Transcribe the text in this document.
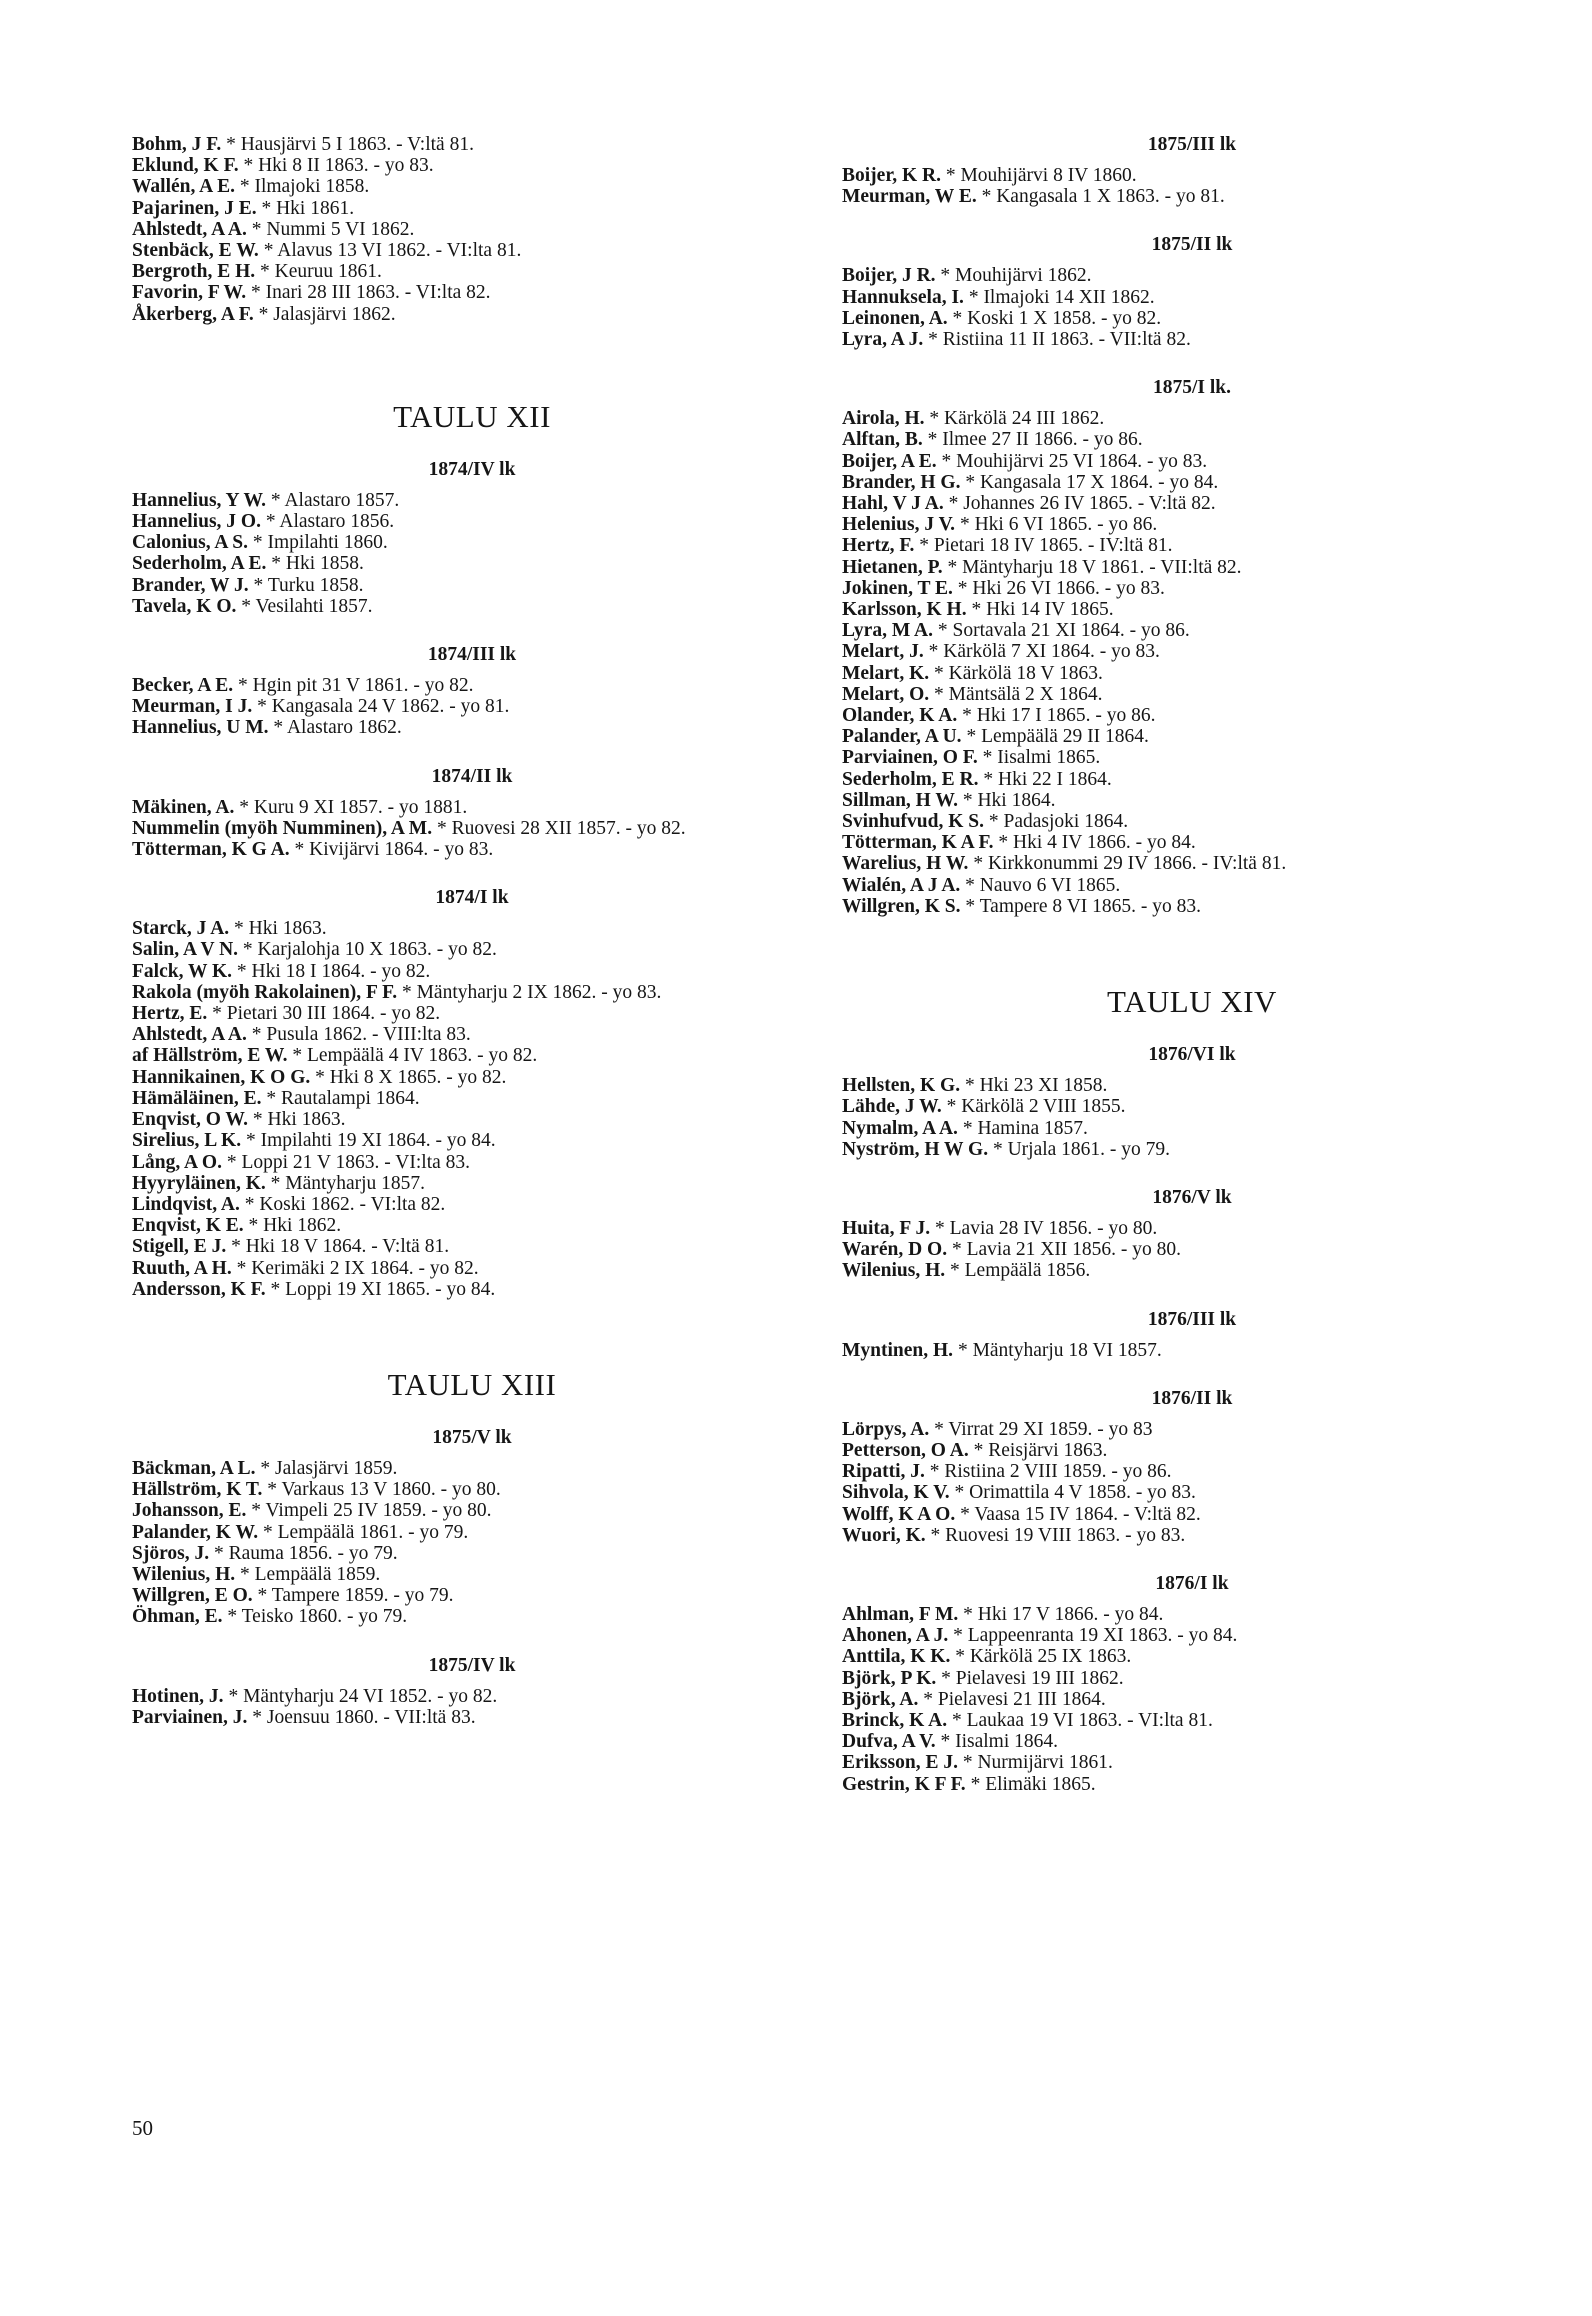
Bohm, J F. * Hausjärvi 5 I 1863. - V:ltä 81.

Eklund, K F. * Hki 8 II 1863. - yo 83.

Wallén, A E. * Ilmajoki 1858.

Pajarinen, J E. * Hki 1861.

Ahlstedt, A A. * Nummi 5 VI 1862.

Stenbäck, E W. * Alavus 13 VI 1862. - VI:lta 81.

Bergroth, E H. * Keuruu 1861.

Favorin, F W. * Inari 28 III 1863. - VI:lta 82.

Åkerberg, A F. * Jalasjärvi 1862.

TAULU XII
1874/IV lk

Hannelius, Y W. * Alastaro 1857.

Hannelius, J O. * Alastaro 1856.

Calonius, A S. * Impilahti 1860.

Sederholm, A E. * Hki 1858.

Brander, W J. * Turku 1858.

Tavela, K O. * Vesilahti 1857.

1874/III lk

Becker, A E. * Hgin pit 31 V 1861. - yo 82.

Meurman, I J. * Kangasala 24 V 1862. - yo 81.

Hannelius, U M. * Alastaro 1862.

1874/II lk

Mäkinen, A. * Kuru 9 XI 1857. - yo 1881.

Nummelin (myöh Numminen), A M. * Ruovesi 28 XII 1857. - yo 82.

Tötterman, K G A. * Kivijärvi 1864. - yo 83.

1874/I lk

Starck, J A. * Hki 1863.

Salin, A V N. * Karjalohja 10 X 1863. - yo 82.

Falck, W K. * Hki 18 I 1864. - yo 82.

Rakola (myöh Rakolainen), F F. * Mäntyharju 2 IX 1862. - yo 83.

Hertz, E. * Pietari 30 III 1864. - yo 82.

Ahlstedt, A A. * Pusula 1862. - VIII:lta 83.

af Hällström, E W. * Lempäälä 4 IV 1863. - yo 82.

Hannikainen, K O G. * Hki 8 X 1865. - yo 82.

Hämäläinen, E. * Rautalampi 1864.

Enqvist, O W. * Hki 1863.

Sirelius, L K. * Impilahti 19 XI 1864. - yo 84.

Lång, A O. * Loppi 21 V 1863. - VI:lta 83.

Hyyryläinen, K. * Mäntyharju 1857.

Lindqvist, A. * Koski 1862. - VI:lta 82.

Enqvist, K E. * Hki 1862.

Stigell, E J. * Hki 18 V 1864. - V:ltä 81.

Ruuth, A H. * Kerimäki 2 IX 1864. - yo 82.

Andersson, K F. * Loppi 19 XI 1865. - yo 84.

TAULU XIII
1875/V lk

Bäckman, A L. * Jalasjärvi 1859.

Hällström, K T. * Varkaus 13 V 1860. - yo 80.

Johansson, E. * Vimpeli 25 IV 1859. - yo 80.

Palander, K W. * Lempäälä 1861. - yo 79.

Sjöros, J. * Rauma 1856. - yo 79.

Wilenius, H. * Lempäälä 1859.

Willgren, E O. * Tampere 1859. - yo 79.

Öhman, E. * Teisko 1860. - yo 79.

1875/IV lk

Hotinen, J. * Mäntyharju 24 VI 1852. - yo 82.

Parviainen, J. * Joensuu 1860. - VII:ltä 83.

1875/III lk

Boijer, K R. * Mouhijärvi 8 IV 1860.

Meurman, W E. * Kangasala 1 X 1863. - yo 81.

1875/II lk

Boijer, J R. * Mouhijärvi 1862.

Hannuksela, I. * Ilmajoki 14 XII 1862.

Leinonen, A. * Koski 1 X 1858. - yo 82.

Lyra, A J. * Ristiina 11 II 1863. - VII:ltä 82.

1875/I lk.

Airola, H. * Kärkölä 24 III 1862.

Alftan, B. * Ilmee 27 II 1866. - yo 86.

Boijer, A E. * Mouhijärvi 25 VI 1864. - yo 83.

Brander, H G. * Kangasala 17 X 1864. - yo 84.

Hahl, V J A. * Johannes 26 IV 1865. - V:ltä 82.

Helenius, J V. * Hki 6 VI 1865. - yo 86.

Hertz, F. * Pietari 18 IV 1865. - IV:ltä 81.

Hietanen, P. * Mäntyharju 18 V 1861. - VII:ltä 82.

Jokinen, T E. * Hki 26 VI 1866. - yo 83.

Karlsson, K H. * Hki 14 IV 1865.

Lyra, M A. * Sortavala 21 XI 1864. - yo 86.

Melart, J. * Kärkölä 7 XI 1864. - yo 83.

Melart, K. * Kärkölä 18 V 1863.

Melart, O. * Mäntsälä 2 X 1864.

Olander, K A. * Hki 17 I 1865. - yo 86.

Palander, A U. * Lempäälä 29 II 1864.

Parviainen, O F. * Iisalmi 1865.

Sederholm, E R. * Hki 22 I 1864.

Sillman, H W. * Hki 1864.

Svinhufvud, K S. * Padasjoki 1864.

Tötterman, K A F. * Hki 4 IV 1866. - yo 84.

Warelius, H W. * Kirkkonummi 29 IV 1866. - IV:ltä 81.

Wialén, A J A. * Nauvo 6 VI 1865.

Willgren, K S. * Tampere 8 VI 1865. - yo 83.

TAULU XIV
1876/VI lk

Hellsten, K G. * Hki 23 XI 1858.

Lähde, J W. * Kärkölä 2 VIII 1855.

Nymalm, A A. * Hamina 1857.

Nyström, H W G. * Urjala 1861. - yo 79.

1876/V lk

Huita, F J. * Lavia 28 IV 1856. - yo 80.

Warén, D O. * Lavia 21 XII 1856. - yo 80.

Wilenius, H. * Lempäälä 1856.

1876/III lk

Myntinen, H. * Mäntyharju 18 VI 1857.

1876/II lk

Lörpys, A. * Virrat 29 XI 1859. - yo 83

Petterson, O A. * Reisjärvi 1863.

Ripatti, J. * Ristiina 2 VIII 1859. - yo 86.

Sihvola, K V. * Orimattila 4 V 1858. - yo 83.

Wolff, K A O. * Vaasa 15 IV 1864. - V:ltä 82.

Wuori, K. * Ruovesi 19 VIII 1863. - yo 83.

1876/I lk

Ahlman, F M. * Hki 17 V 1866. - yo 84.

Ahonen, A J. * Lappeenranta 19 XI 1863. - yo 84.

Anttila, K K. * Kärkölä 25 IX 1863.

Björk, P K. * Pielavesi 19 III 1862.

Björk, A. * Pielavesi 21 III 1864.

Brinck, K A. * Laukaa 19 VI 1863. - VI:lta 81.

Dufva, A V. * Iisalmi 1864.

Eriksson, E J. * Nurmijärvi 1861.

Gestrin, K F F. * Elimäki 1865.

50
